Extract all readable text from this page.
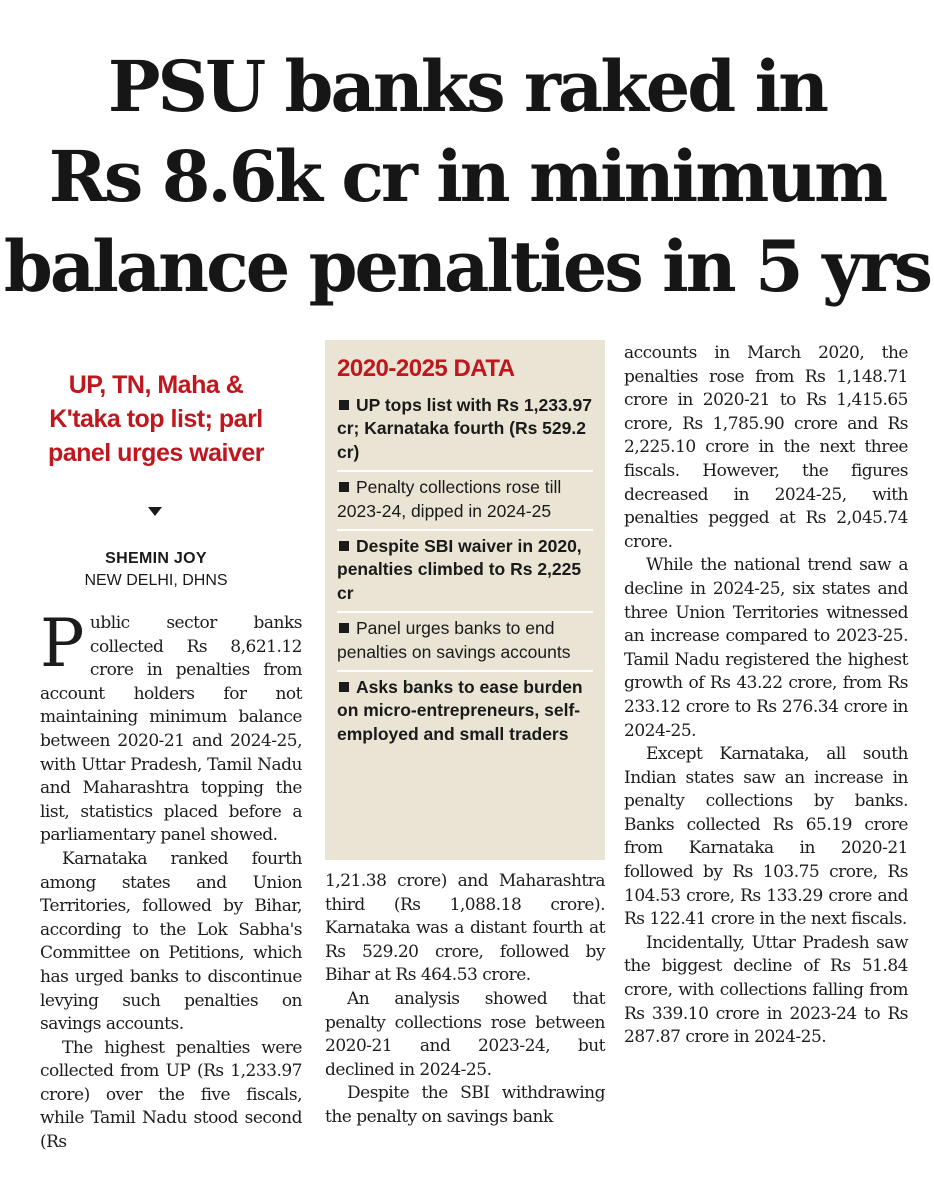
PSU banks raked in
Rs 8.6k cr in minimum
balance penalties in 5 yrs
UP, TN, Maha & K'taka top list; parl panel urges waiver
SHEMIN JOY
NEW DELHI, DHNS

Public sector banks collected Rs 8,621.12 crore in penalties from account holders for not maintaining minimum balance between 2020-21 and 2024-25, with Uttar Pradesh, Tamil Nadu and Maharashtra topping the list, statistics placed before a parliamentary panel showed.

Karnataka ranked fourth among states and Union Territories, followed by Bihar, according to the Lok Sabha's Committee on Petitions, which has urged banks to discontinue levying such penalties on savings accounts.

The highest penalties were collected from UP (Rs 1,233.97 crore) over the five fiscals, while Tamil Nadu stood second (Rs

2020-2025 DATA
UP tops list with Rs 1,233.97 cr; Karnataka fourth (Rs 529.2 cr)
Penalty collections rose till 2023-24, dipped in 2024-25
Despite SBI waiver in 2020, penalties climbed to Rs 2,225 cr
Panel urges banks to end penalties on savings accounts
Asks banks to ease burden on micro-entrepreneurs, self-employed and small traders

1,21.38 crore) and Maharashtra third (Rs 1,088.18 crore). Karnataka was a distant fourth at Rs 529.20 crore, followed by Bihar at Rs 464.53 crore.

An analysis showed that penalty collections rose between 2020-21 and 2023-24, but declined in 2024-25.

Despite the SBI withdrawing the penalty on savings bank

accounts in March 2020, the penalties rose from Rs 1,148.71 crore in 2020-21 to Rs 1,415.65 crore, Rs 1,785.90 crore and Rs 2,225.10 crore in the next three fiscals. However, the figures decreased in 2024-25, with penalties pegged at Rs 2,045.74 crore.

While the national trend saw a decline in 2024-25, six states and three Union Territories witnessed an increase compared to 2023-25. Tamil Nadu registered the highest growth of Rs 43.22 crore, from Rs 233.12 crore to Rs 276.34 crore in 2024-25.

Except Karnataka, all south Indian states saw an increase in penalty collections by banks. Banks collected Rs 65.19 crore from Karnataka in 2020-21 followed by Rs 103.75 crore, Rs 104.53 crore, Rs 133.29 crore and Rs 122.41 crore in the next fiscals.

Incidentally, Uttar Pradesh saw the biggest decline of Rs 51.84 crore, with collections falling from Rs 339.10 crore in 2023-24 to Rs 287.87 crore in 2024-25.
